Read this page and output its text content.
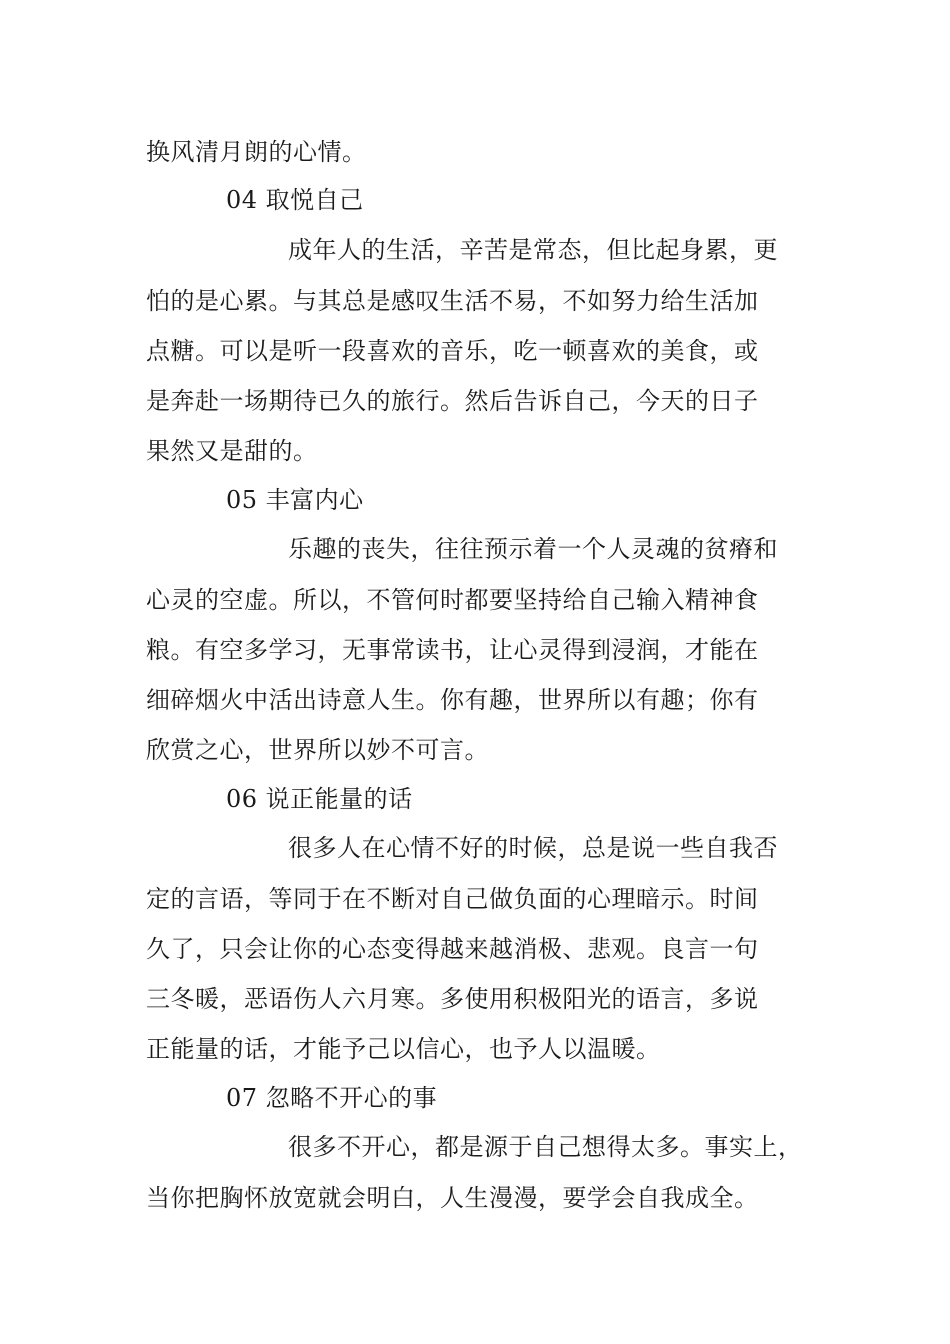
换风清月朗的心情。
04 取悦自己
成年人的生活，辛苦是常态，但比起身累，更
怕的是心累。与其总是感叹生活不易，不如努力给生活加
点糖。可以是听一段喜欢的音乐，吃一顿喜欢的美食，或
是奔赴一场期待已久的旅行。然后告诉自己，今天的日子
果然又是甜的。
05 丰富内心
乐趣的丧失，往往预示着一个人灵魂的贫瘠和
心灵的空虚。所以，不管何时都要坚持给自己输入精神食
粮。有空多学习，无事常读书，让心灵得到浸润，才能在
细碎烟火中活出诗意人生。你有趣，世界所以有趣；你有
欣赏之心，世界所以妙不可言。
06 说正能量的话
很多人在心情不好的时候，总是说一些自我否
定的言语，等同于在不断对自己做负面的心理暗示。时间
久了，只会让你的心态变得越来越消极、悲观。良言一句
三冬暖，恶语伤人六月寒。多使用积极阳光的语言，多说
正能量的话，才能予己以信心，也予人以温暖。
07 忽略不开心的事
很多不开心，都是源于自己想得太多。事实上，
当你把胸怀放宽就会明白，人生漫漫，要学会自我成全。
